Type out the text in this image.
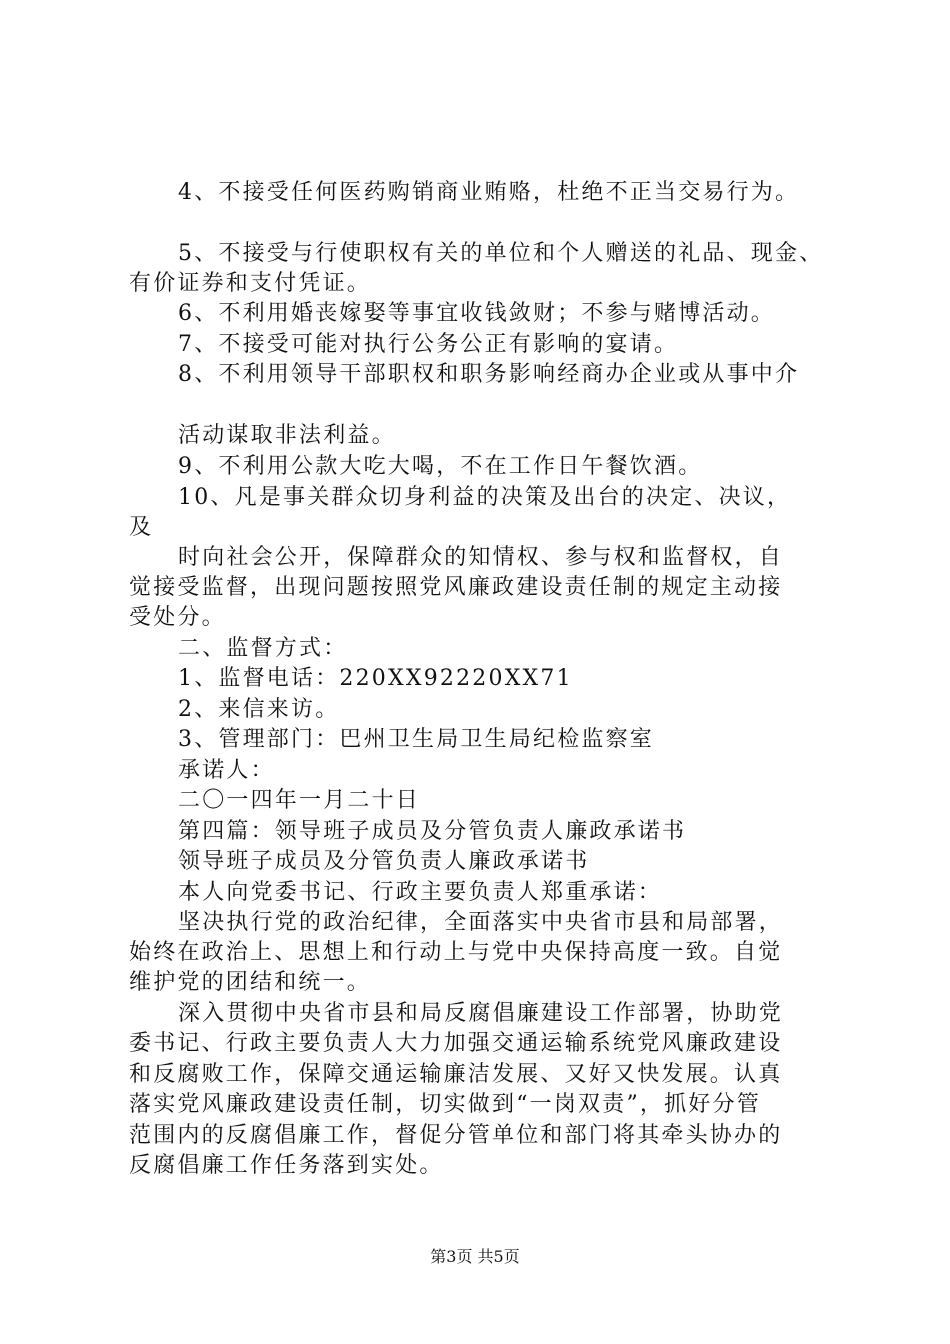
4、不接受任何医药购销商业贿赂，杜绝不正当交易行为。
5、不接受与行使职权有关的单位和个人赠送的礼品、现金、
有价证券和支付凭证。
6、不利用婚丧嫁娶等事宜收钱敛财；不参与赌博活动。
7、不接受可能对执行公务公正有影响的宴请。
8、不利用领导干部职权和职务影响经商办企业或从事中介
活动谋取非法利益。
9、不利用公款大吃大喝，不在工作日午餐饮酒。
10、凡是事关群众切身利益的决策及出台的决定、决议，
及
时向社会公开，保障群众的知情权、参与权和监督权，自
觉接受监督，出现问题按照党风廉政建设责任制的规定主动接
受处分。
二、监督方式：
1、监督电话：220XX92220XX71
2、来信来访。
3、管理部门：巴州卫生局卫生局纪检监察室
承诺人：
二〇一四年一月二十日
第四篇：领导班子成员及分管负责人廉政承诺书
领导班子成员及分管负责人廉政承诺书
本人向党委书记、行政主要负责人郑重承诺：
坚决执行党的政治纪律，全面落实中央省市县和局部署，
始终在政治上、思想上和行动上与党中央保持高度一致。自觉
维护党的团结和统一。
深入贯彻中央省市县和局反腐倡廉建设工作部署，协助党
委书记、行政主要负责人大力加强交通运输系统党风廉政建设
和反腐败工作，保障交通运输廉洁发展、又好又快发展。认真
落实党风廉政建设责任制，切实做到“一岗双责”，抓好分管
范围内的反腐倡廉工作，督促分管单位和部门将其牵头协办的
反腐倡廉工作任务落到实处。
第3页 共5页
